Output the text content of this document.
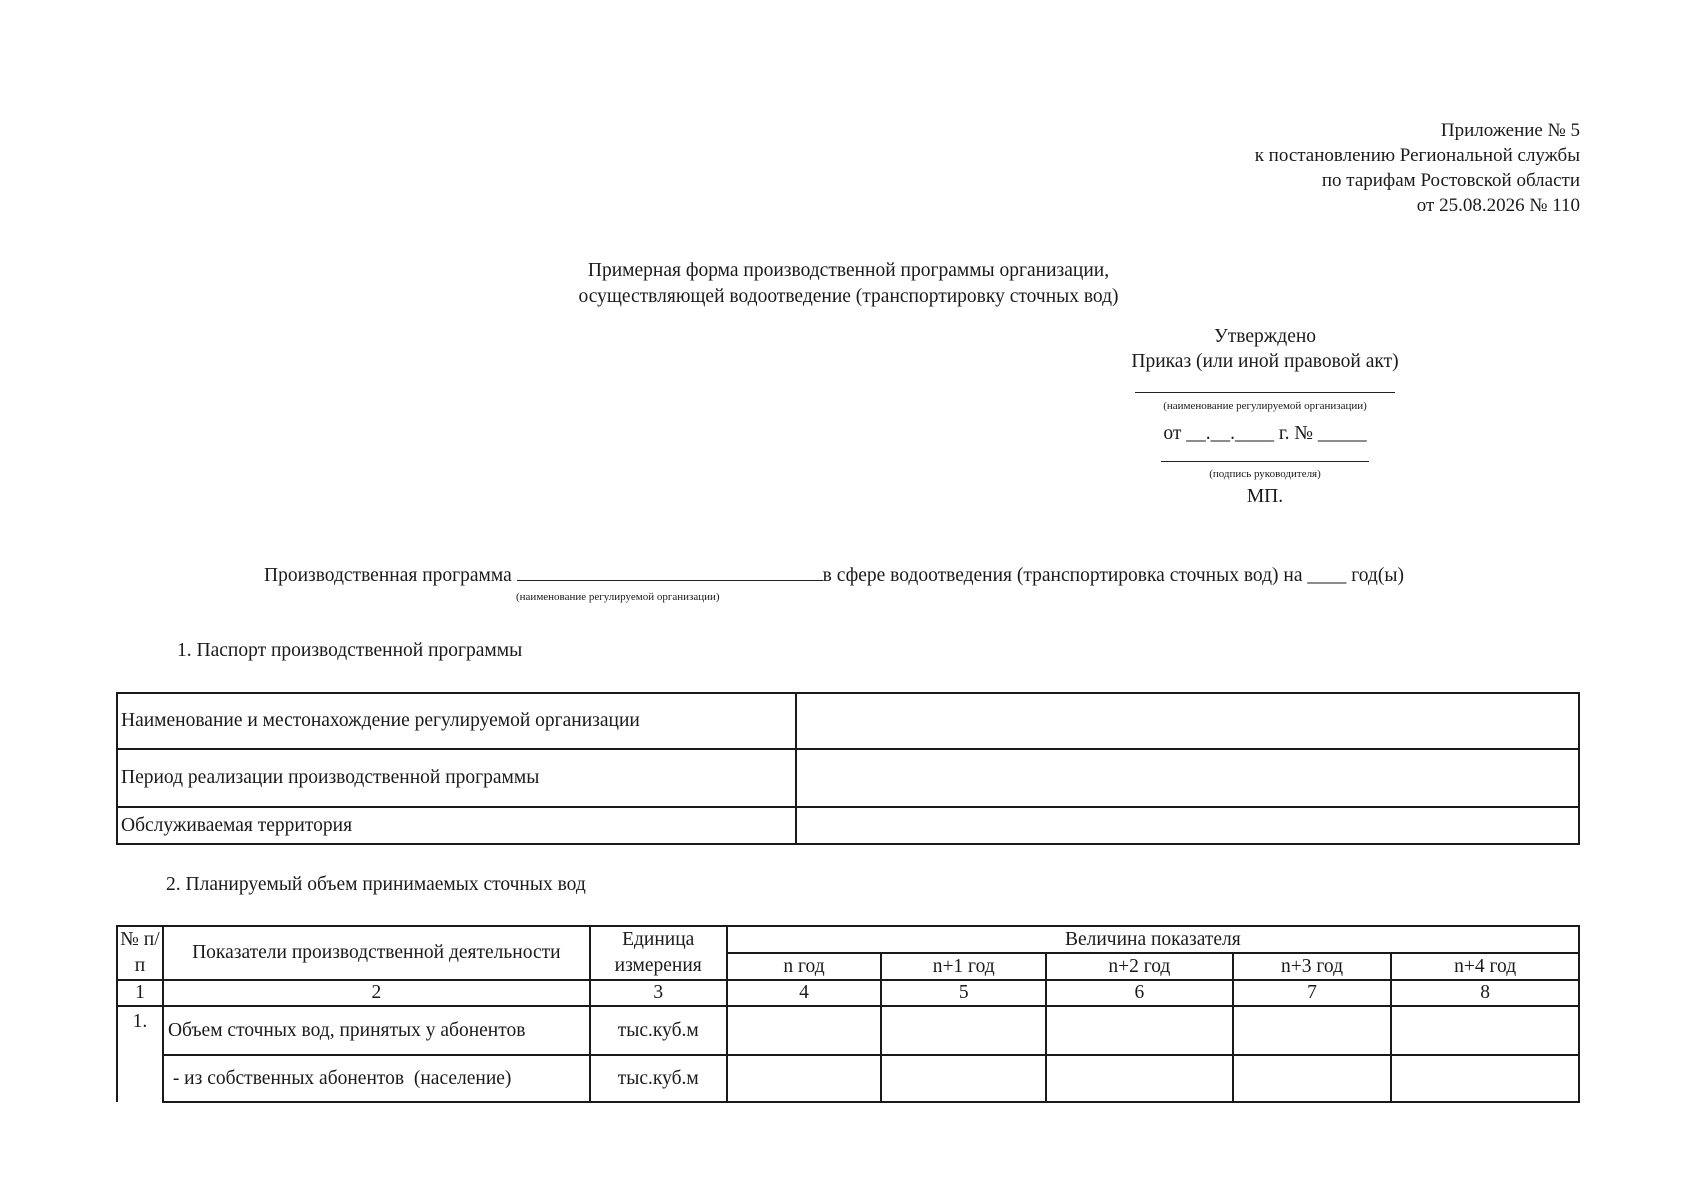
Приложение № 5
к постановлению Региональной службы
по тарифам Ростовской области
от 25.08.2026 № 110
Примерная форма производственной программы организации,
осуществляющей водоотведение (транспортировку сточных вод)
Утверждено
Приказ (или иной правовой акт)
(наименование регулируемой организации)
от __.__.____ г. № _____
(подпись руководителя)
МП.
Производственная программа	в сфере водоотведения (транспортировка сточных вод) на ____ год(ы)
(наименование регулируемой организации)
1. Паспорт производственной программы
Наименование и местонахождение регулируемой организации	
Период реализации производственной программы	
Обслуживаемая территория	
2. Планируемый объем принимаемых сточных вод
№ п/п	Показатели производственной деятельности	Единица измерения	Величина показателя				
			n год	n+1 год	n+2 год	n+3 год	n+4 год
1	2	3	4	5	6	7	8
1.	Объем сточных вод, принятых у абонентов	тыс.куб.м					
	- из собственных абонентов  (население)	тыс.куб.м					
